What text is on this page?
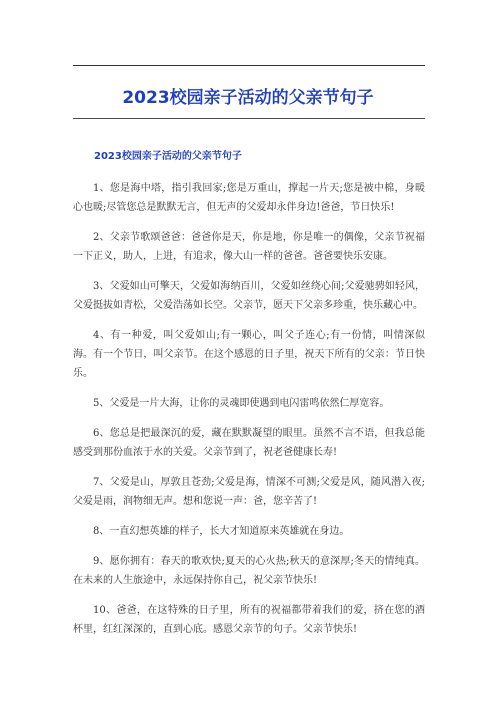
2023校园亲子活动的父亲节句子
2023校园亲子活动的父亲节句子

1、您是海中塔，指引我回家;您是万重山，撑起一片天;您是被中棉，身暖心也暖;尽管您总是默默无言，但无声的父爱却永伴身边!爸爸，节日快乐!

2、父亲节歌颂爸爸：爸爸你是天，你是地，你是唯一的偶像，父亲节祝福一下正义，助人，上进，有追求，像大山一样的爸爸。爸爸要快乐安康。

3、父爱如山可擎天，父爱如海纳百川，父爱如丝绕心间;父爱驰骋如轻风，父爱挺拔如青松，父爱浩荡如长空。父亲节，愿天下父亲多珍重，快乐藏心中。

4、有一种爱，叫父爱如山;有一颗心，叫父子连心;有一份情，叫情深似海。有一个节日，叫父亲节。在这个感恩的日子里，祝天下所有的父亲：节日快乐。

5、父爱是一片大海，让你的灵魂即使遇到电闪雷鸣依然仁厚宽容。

6、您总是把最深沉的爱，藏在默默凝望的眼里。虽然不言不语，但我总能感受到那份血浓于水的关爱。父亲节到了，祝老爸健康长寿!

7、父爱是山，厚敦且苍劲;父爱是海，情深不可测;父爱是风，随风潜入夜;父爱是雨，润物细无声。想和您说一声：爸，您辛苦了!

8、一直幻想英雄的样子，长大才知道原来英雄就在身边。

9、愿你拥有：春天的歌欢快;夏天的心火热;秋天的意深厚;冬天的情纯真。在未来的人生旅途中，永远保持你自己，祝父亲节快乐!

10、爸爸，在这特殊的日子里，所有的祝福都带着我们的爱，挤在您的酒杯里，红红深深的，直到心底。感恩父亲节的句子。父亲节快乐!
